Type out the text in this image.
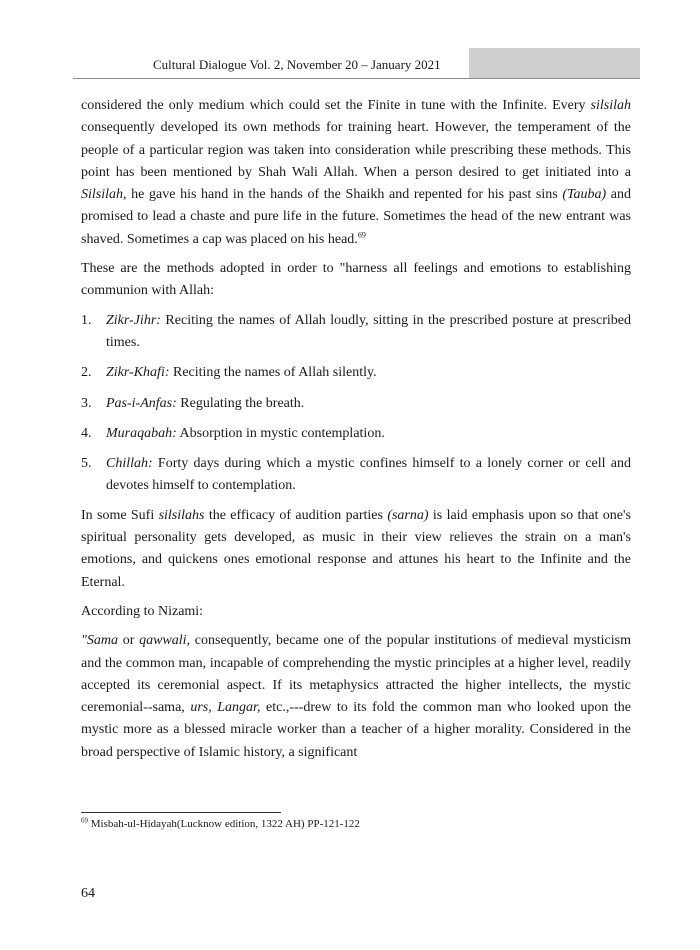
Cultural Dialogue Vol. 2, November 20 – January 2021

considered the only medium which could set the Finite in tune with the Infinite. Every silsilah consequently developed its own methods for training heart. However, the temperament of the people of a particular region was taken into consideration while prescribing these methods. This point has been mentioned by Shah Wali Allah. When a person desired to get initiated into a Silsilah, he gave his hand in the hands of the Shaikh and repented for his past sins (Tauba) and promised to lead a chaste and pure life in the future. Sometimes the head of the new entrant was shaved. Sometimes a cap was placed on his head.$^{69}$

These are the methods adopted in order to "harness all feelings and emotions to establishing communion with Allah:

1. Zikr-Jihr: Reciting the names of Allah loudly, sitting in the prescribed posture at prescribed times.
2. Zikr-Khafi: Reciting the names of Allah silently.
3. Pas-i-Anfas: Regulating the breath.
4. Muraqabah: Absorption in mystic contemplation.
5. Chillah: Forty days during which a mystic confines himself to a lonely corner or cell and devotes himself to contemplation.

In some Sufi silsilahs the efficacy of audition parties (sarna) is laid emphasis upon so that one's spiritual personality gets developed, as music in their view relieves the strain on a man's emotions, and quickens ones emotional response and attunes his heart to the Infinite and the Eternal.

According to Nizami:

"Sama or qawwali, consequently, became one of the popular institutions of medieval mysticism and the common man, incapable of comprehending the mystic principles at a higher level, readily accepted its ceremonial aspect. If its metaphysics attracted the higher intellects, the mystic ceremonial--sama, urs, Langar, etc.,---drew to its fold the common man who looked upon the mystic more as a blessed miracle worker than a teacher of a higher morality. Considered in the broad perspective of Islamic history, a significant

$^{69}$ Misbah-ul-Hidayah(Lucknow edition, 1322 AH) PP-121-122
64
